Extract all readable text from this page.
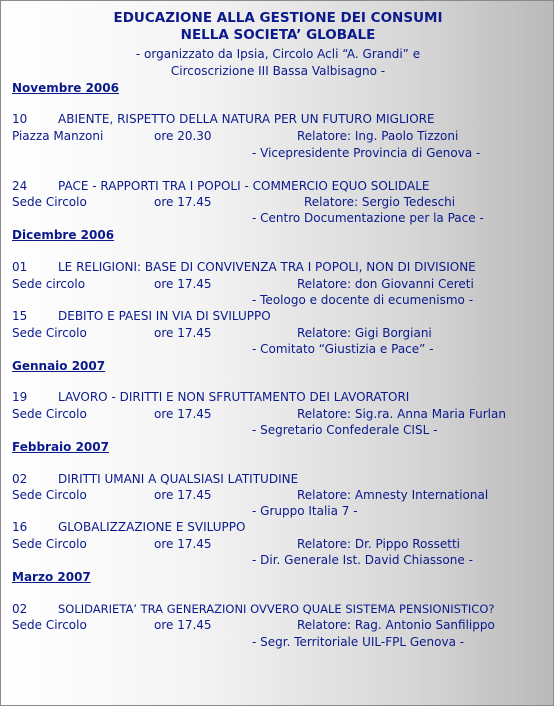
EDUCAZIONE ALLA GESTIONE DEI CONSUMI
NELLA SOCIETA’ GLOBALE
- organizzato da Ipsia, Circolo Acli “A. Grandi” e
Circoscrizione III Bassa Valbisagno -
Novembre 2006
10	ABIENTE, RISPETTO DELLA NATURA PER UN FUTURO MIGLIORE
Piazza Manzoni	ore 20.30	Relatore: Ing. Paolo Tizzoni
- Vicepresidente Provincia di Genova -
24	PACE - RAPPORTI TRA I POPOLI - COMMERCIO EQUO SOLIDALE
Sede Circolo	ore 17.45	Relatore: Sergio Tedeschi
- Centro Documentazione per la Pace -
Dicembre 2006
01	LE RELIGIONI: BASE DI CONVIVENZA TRA I POPOLI, NON DI DIVISIONE
Sede circolo	ore 17.45	Relatore: don Giovanni Cereti
- Teologo e docente di ecumenismo -
15	DEBITO E PAESI IN VIA DI SVILUPPO
Sede Circolo	ore 17.45	Relatore: Gigi Borgiani
- Comitato “Giustizia e Pace” -
Gennaio 2007
19	LAVORO - DIRITTI E NON SFRUTTAMENTO DEI LAVORATORI
Sede Circolo	ore 17.45	Relatore: Sig.ra. Anna Maria Furlan
- Segretario Confederale CISL -
Febbraio 2007
02	DIRITTI UMANI A QUALSIASI LATITUDINE
Sede Circolo	ore 17.45	Relatore: Amnesty International
- Gruppo Italia 7 -
16	GLOBALIZZAZIONE E SVILUPPO
Sede Circolo	ore 17.45	Relatore: Dr. Pippo Rossetti
- Dir. Generale Ist. David Chiassone -
Marzo 2007
02	SOLIDARIETA’ TRA GENERAZIONI OVVERO QUALE SISTEMA PENSIONISTICO?
Sede Circolo	ore 17.45	Relatore: Rag. Antonio Sanfilippo
- Segr. Territoriale UIL-FPL Genova -
